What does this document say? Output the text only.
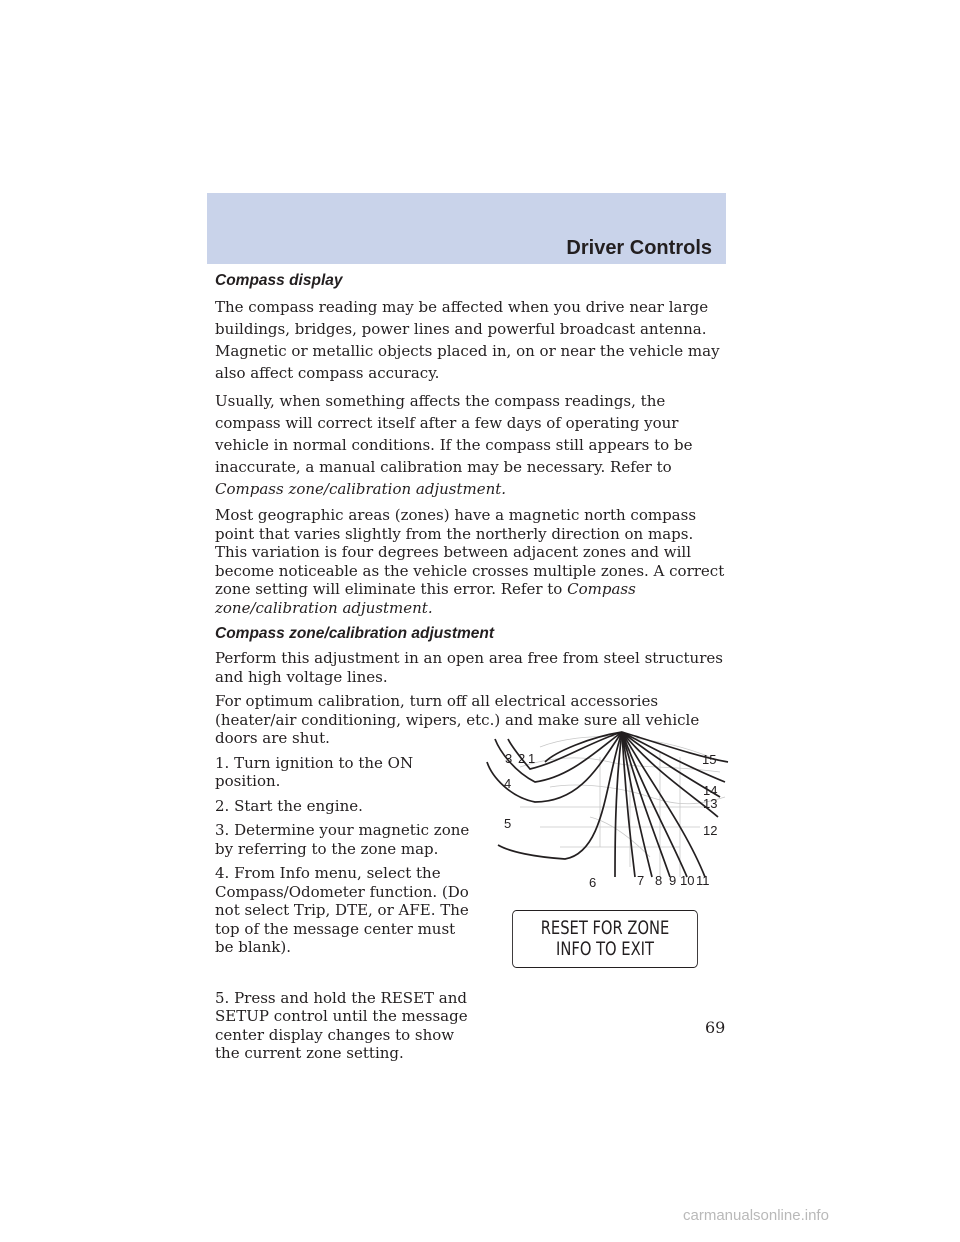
Driver Controls
Compass display

The compass reading may be affected when you drive near large buildings, bridges, power lines and powerful broadcast antenna. Magnetic or metallic objects placed in, on or near the vehicle may also affect compass accuracy.

Usually, when something affects the compass readings, the compass will correct itself after a few days of operating your vehicle in normal conditions. If the compass still appears to be inaccurate, a manual calibration may be necessary. Refer to Compass zone/calibration adjustment.

Most geographic areas (zones) have a magnetic north compass point that varies slightly from the northerly direction on maps. This variation is four degrees between adjacent zones and will become noticeable as the vehicle crosses multiple zones. A correct zone setting will eliminate this error. Refer to Compass zone/calibration adjustment.

Compass zone/calibration adjustment

Perform this adjustment in an open area free from steel structures and high voltage lines.

For optimum calibration, turn off all electrical accessories (heater/air conditioning, wipers, etc.) and make sure all vehicle doors are shut.

1. Turn ignition to the ON position.
2. Start the engine.
3. Determine your magnetic zone by referring to the zone map.
4. From Info menu, select the Compass/Odometer function. (Do not select Trip, DTE, or AFE. The top of the message center must be blank).
5. Press and hold the RESET and SETUP control until the message center display changes to show the current zone setting.
1
2
3
4
5
6	7 8 9 10 11
12
13
14
15
RESET FOR ZONE
INFO TO EXIT
69
carmanualsonline.info
